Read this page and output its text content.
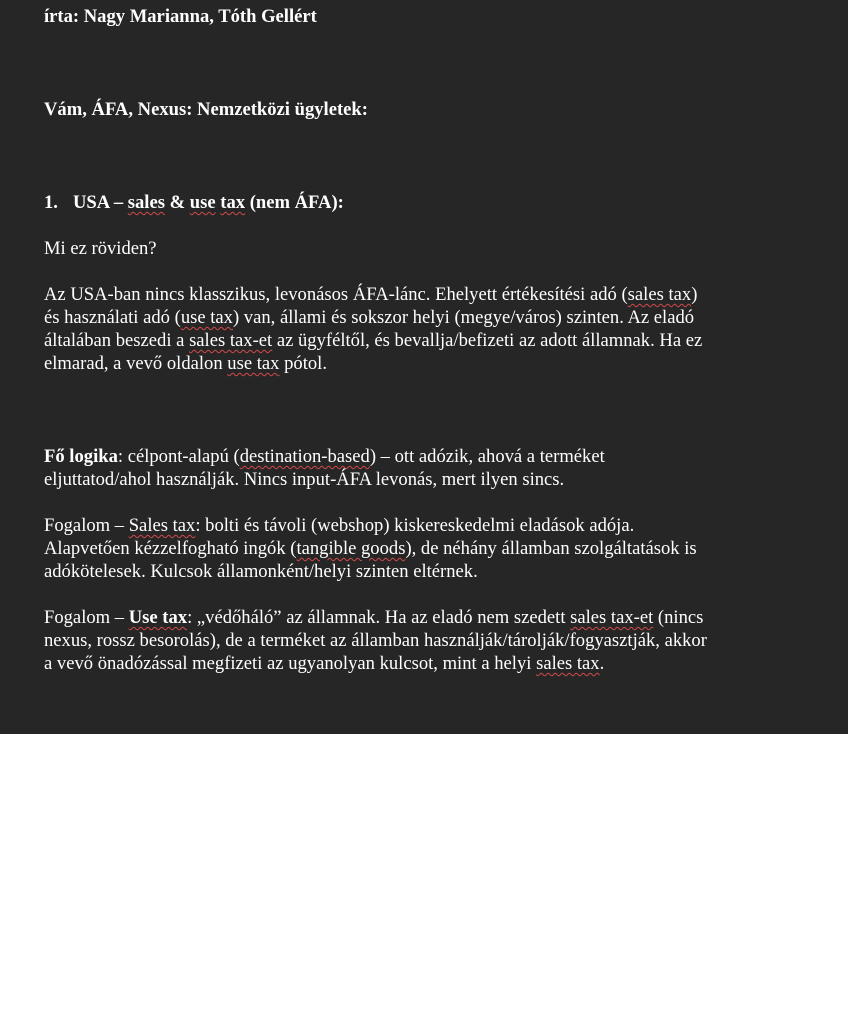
írta: Nagy Marianna, Tóth Gellért

Vám, ÁFA, Nexus: Nemzetközi ügyletek:

1. USA – sales & use tax (nem ÁFA):

Mi ez röviden?

Az USA-ban nincs klasszikus, levonásos ÁFA-lánc. Ehelyett értékesítési adó (sales tax)
és használati adó (use tax) van, állami és sokszor helyi (megye/város) szinten. Az eladó
általában beszedi a sales tax-et az ügyféltől, és bevallja/befizeti az adott államnak. Ha ez
elmarad, a vevő oldalon use tax pótol.

Fő logika: célpont-alapú (destination-based) – ott adózik, ahová a terméket
eljuttatod/ahol használják. Nincs input-ÁFA levonás, mert ilyen sincs.

Fogalom – Sales tax: bolti és távoli (webshop) kiskereskedelmi eladások adója.
Alapvetően kézzelfogható ingók (tangible goods), de néhány államban szolgáltatások is
adókötelesek. Kulcsok államonként/helyi szinten eltérnek.

Fogalom – Use tax: „védőháló” az államnak. Ha az eladó nem szedett sales tax-et (nincs
nexus, rossz besorolás), de a terméket az államban használják/tárolják/fogyasztják, akkor
a vevő önadózással megfizeti az ugyanolyan kulcsot, mint a helyi sales tax.
